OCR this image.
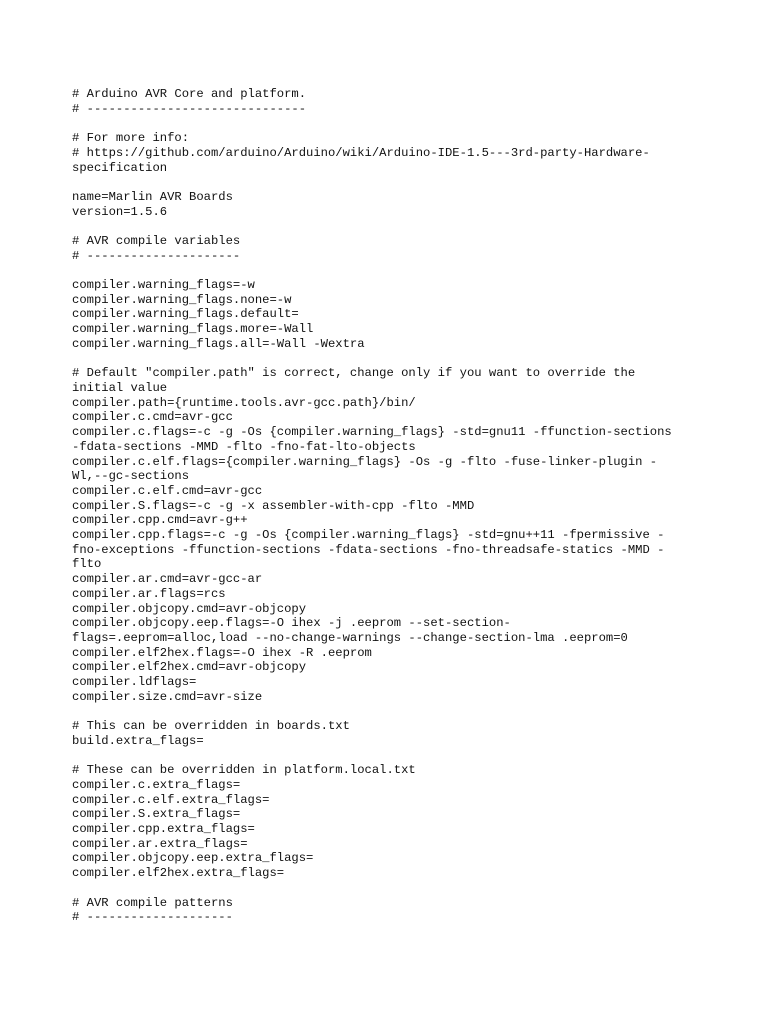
# Arduino AVR Core and platform.
# ------------------------------
# For more info:
# https://github.com/arduino/Arduino/wiki/Arduino-IDE-1.5---3rd-party-Hardware-
specification
name=Marlin AVR Boards
version=1.5.6
# AVR compile variables
# ---------------------
compiler.warning_flags=-w
compiler.warning_flags.none=-w
compiler.warning_flags.default=
compiler.warning_flags.more=-Wall
compiler.warning_flags.all=-Wall -Wextra
# Default "compiler.path" is correct, change only if you want to override the
initial value
compiler.path={runtime.tools.avr-gcc.path}/bin/
compiler.c.cmd=avr-gcc
compiler.c.flags=-c -g -Os {compiler.warning_flags} -std=gnu11 -ffunction-sections
-fdata-sections -MMD -flto -fno-fat-lto-objects
compiler.c.elf.flags={compiler.warning_flags} -Os -g -flto -fuse-linker-plugin -
Wl,--gc-sections
compiler.c.elf.cmd=avr-gcc
compiler.S.flags=-c -g -x assembler-with-cpp -flto -MMD
compiler.cpp.cmd=avr-g++
compiler.cpp.flags=-c -g -Os {compiler.warning_flags} -std=gnu++11 -fpermissive -
fno-exceptions -ffunction-sections -fdata-sections -fno-threadsafe-statics -MMD -
flto
compiler.ar.cmd=avr-gcc-ar
compiler.ar.flags=rcs
compiler.objcopy.cmd=avr-objcopy
compiler.objcopy.eep.flags=-O ihex -j .eeprom --set-section-
flags=.eeprom=alloc,load --no-change-warnings --change-section-lma .eeprom=0
compiler.elf2hex.flags=-O ihex -R .eeprom
compiler.elf2hex.cmd=avr-objcopy
compiler.ldflags=
compiler.size.cmd=avr-size
# This can be overridden in boards.txt
build.extra_flags=
# These can be overridden in platform.local.txt
compiler.c.extra_flags=
compiler.c.elf.extra_flags=
compiler.S.extra_flags=
compiler.cpp.extra_flags=
compiler.ar.extra_flags=
compiler.objcopy.eep.extra_flags=
compiler.elf2hex.extra_flags=
# AVR compile patterns
# --------------------
